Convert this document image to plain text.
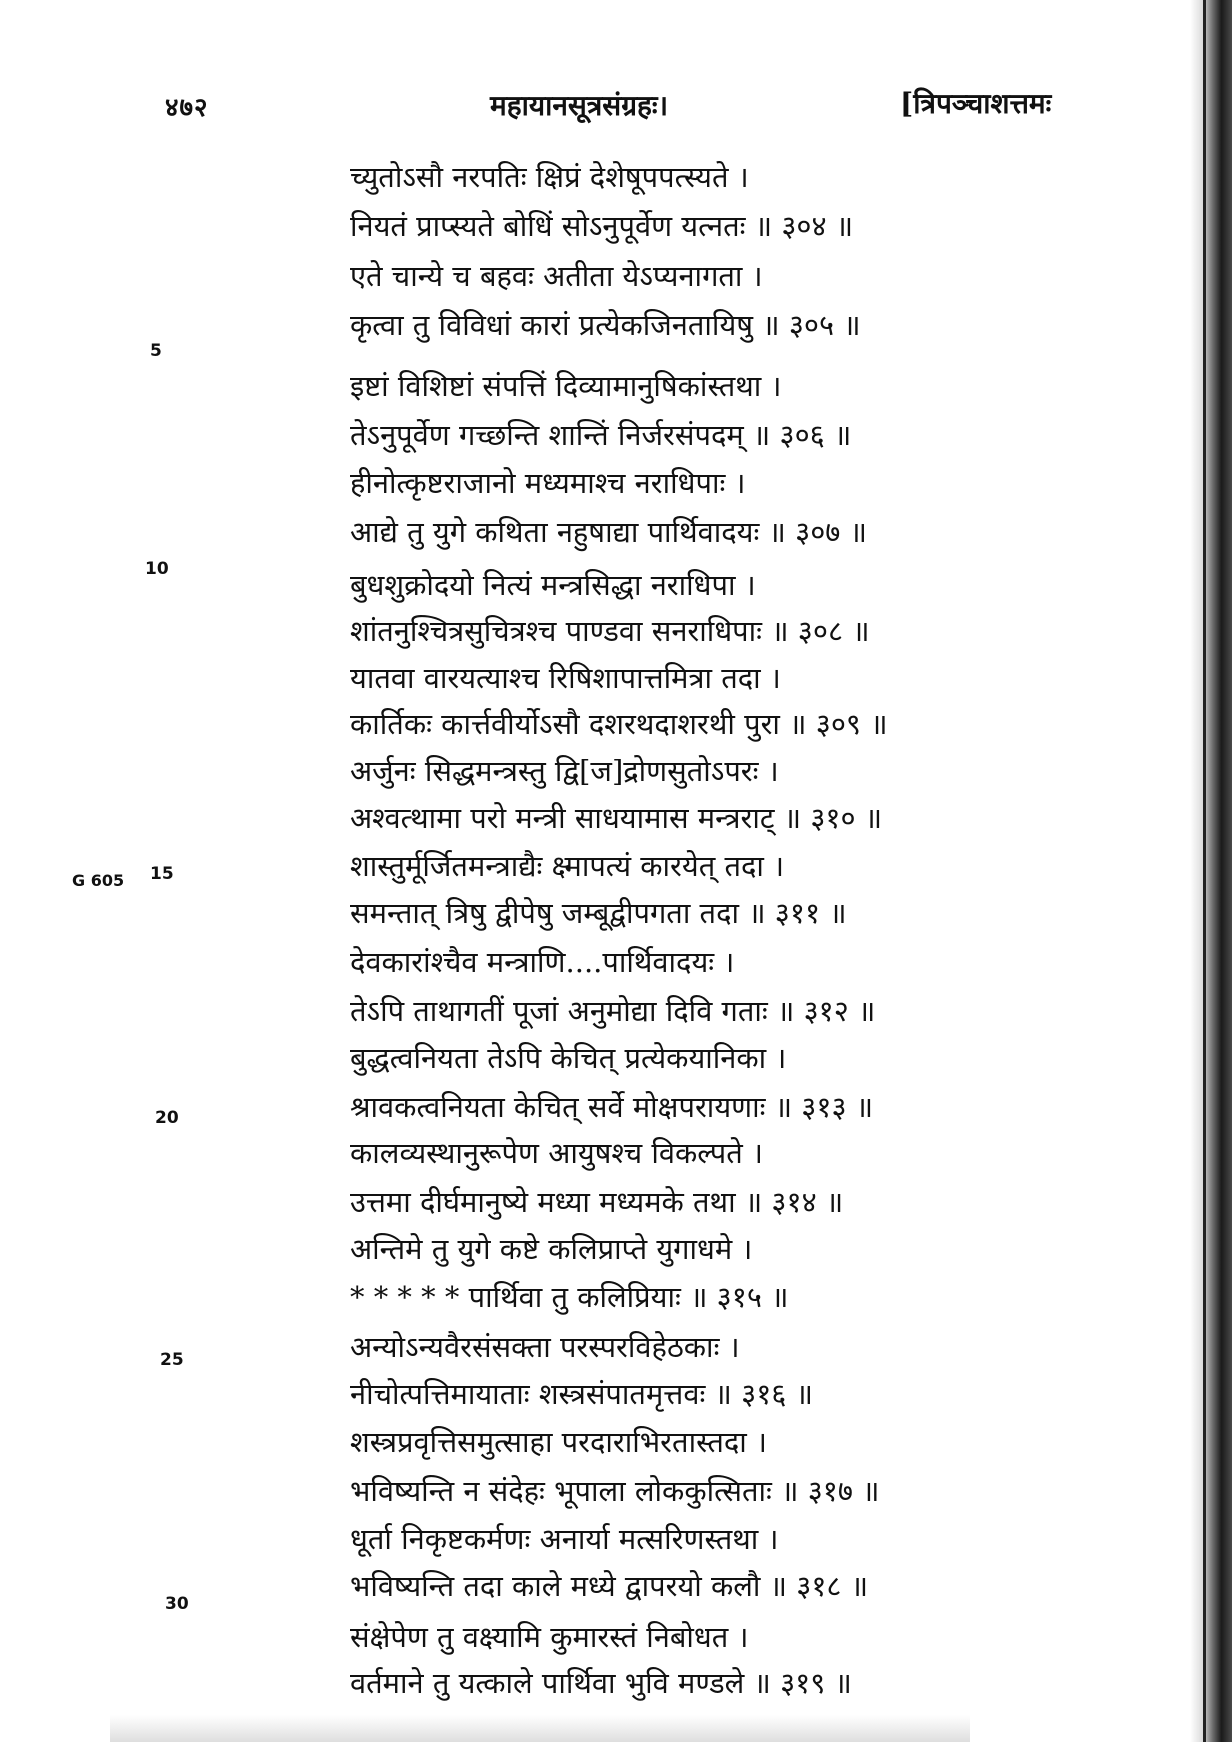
४७२	महायानसूत्रसंग्रहः।	[त्रिपञ्चाशत्तमः
G 605
5
10
15
20
25
30
च्युतोऽसौ नरपतिः क्षिप्रं देशेषूपपत्स्यते ।
नियतं प्राप्स्यते बोधिं सोऽनुपूर्वेण यत्नतः ॥ ३०४ ॥
एते चान्ये च बहवः अतीता येऽप्यनागता ।
कृत्वा तु विविधां कारां प्रत्येकजिनतायिषु ॥ ३०५ ॥
इष्टां विशिष्टां संपत्तिं दिव्यामानुषिकांस्तथा ।
तेऽनुपूर्वेण गच्छन्ति शान्तिं निर्जरसंपदम् ॥ ३०६ ॥
हीनोत्कृष्टराजानो मध्यमाश्च नराधिपाः ।
आद्ये तु युगे कथिता नहुषाद्या पार्थिवादयः ॥ ३०७ ॥
बुधशुक्रोदयो नित्यं मन्त्रसिद्धा नराधिपा ।
शांतनुश्चित्रसुचित्रश्च पाण्डवा सनराधिपाः ॥ ३०८ ॥
यातवा वारयत्याश्च रिषिशापात्तमित्रा तदा ।
कार्तिकः कार्त्तवीर्योऽसौ दशरथदाशरथी पुरा ॥ ३०९ ॥
अर्जुनः सिद्धमन्त्रस्तु द्वि[ज]द्रोणसुतोऽपरः ।
अश्वत्थामा परो मन्त्री साधयामास मन्त्रराट् ॥ ३१० ॥
शास्तुर्मूर्जितमन्त्राद्यैः क्ष्मापत्यं कारयेत् तदा ।
समन्तात् त्रिषु द्वीपेषु जम्बूद्वीपगता तदा ॥ ३११ ॥
देवकारांश्चैव मन्त्राणि....पार्थिवादयः ।
तेऽपि ताथागतीं पूजां अनुमोद्या दिवि गताः ॥ ३१२ ॥
बुद्धत्वनियता तेऽपि केचित् प्रत्येकयानिका ।
श्रावकत्वनियता केचित् सर्वे मोक्षपरायणाः ॥ ३१३ ॥
कालव्यस्थानुरूपेण आयुषश्च विकल्पते ।
उत्तमा दीर्घमानुष्ये मध्या मध्यमके तथा ॥ ३१४ ॥
अन्तिमे तु युगे कष्टे कलिप्राप्ते युगाधमे ।
* * * * * पार्थिवा तु कलिप्रियाः ॥ ३१५ ॥
अन्योऽन्यवैरसंसक्ता परस्परविहेठकाः ।
नीचोत्पत्तिमायाताः शस्त्रसंपातमृत्तवः ॥ ३१६ ॥
शस्त्रप्रवृत्तिसमुत्साहा परदाराभिरतास्तदा ।
भविष्यन्ति न संदेहः भूपाला लोककुत्सिताः ॥ ३१७ ॥
धूर्ता निकृष्टकर्मणः अनार्या मत्सरिणस्तथा ।
भविष्यन्ति तदा काले मध्ये द्वापरयो कलौ ॥ ३१८ ॥
संक्षेपेण तु वक्ष्यामि कुमारस्तं निबोधत ।
वर्तमाने तु यत्काले पार्थिवा भुवि मण्डले ॥ ३१९ ॥
